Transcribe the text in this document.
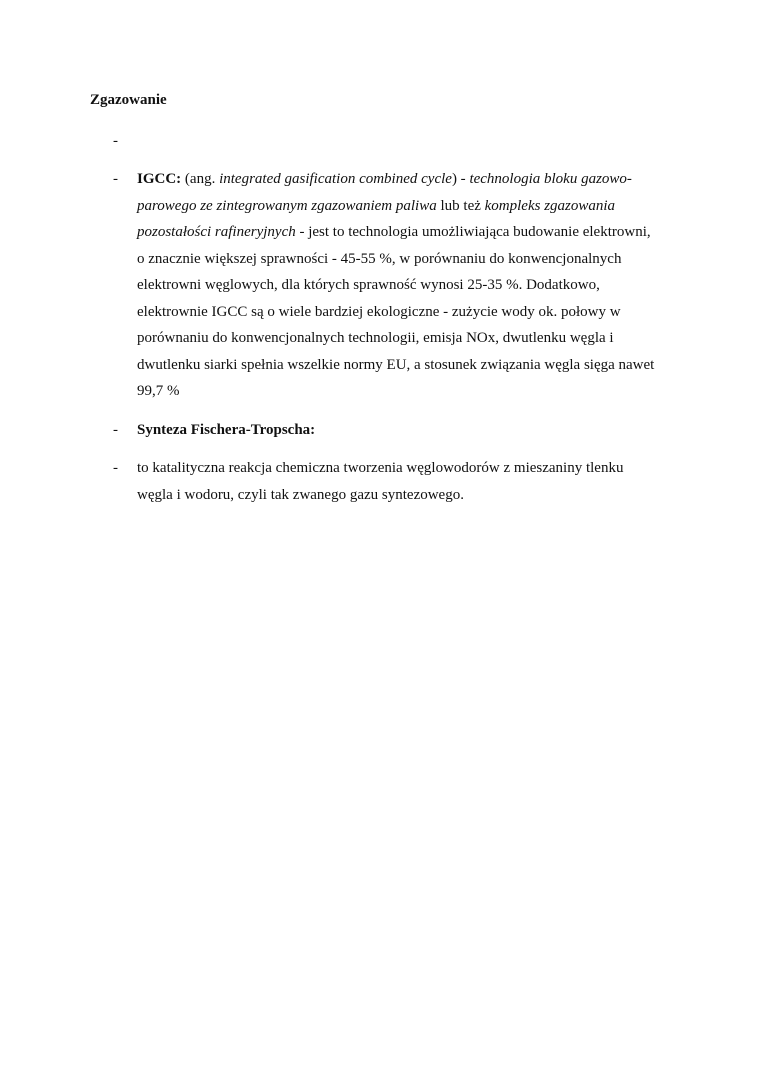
Zgazowanie
-
-	IGCC: (ang. integrated gasification combined cycle) - technologia bloku gazowo-
parowego ze zintegrowanym zgazowaniem paliwa lub też kompleks zgazowania
pozostałości rafineryjnych - jest to technologia umożliwiająca budowanie elektrowni,
o znacznie większej sprawności - 45-55 %, w porównaniu do konwencjonalnych
elektrowni węglowych, dla których sprawność wynosi 25-35 %. Dodatkowo,
elektrownie IGCC są o wiele bardziej ekologiczne - zużycie wody ok. połowy w
porównaniu do konwencjonalnych technologii, emisja NOx, dwutlenku węgla i
dwutlenku siarki spełnia wszelkie normy EU, a stosunek związania węgla sięga nawet
99,7 %
-	Synteza Fischera-Tropscha:
-	to katalityczna reakcja chemiczna tworzenia węglowodorów z mieszaniny tlenku
węgla i wodoru, czyli tak zwanego gazu syntezowego.
